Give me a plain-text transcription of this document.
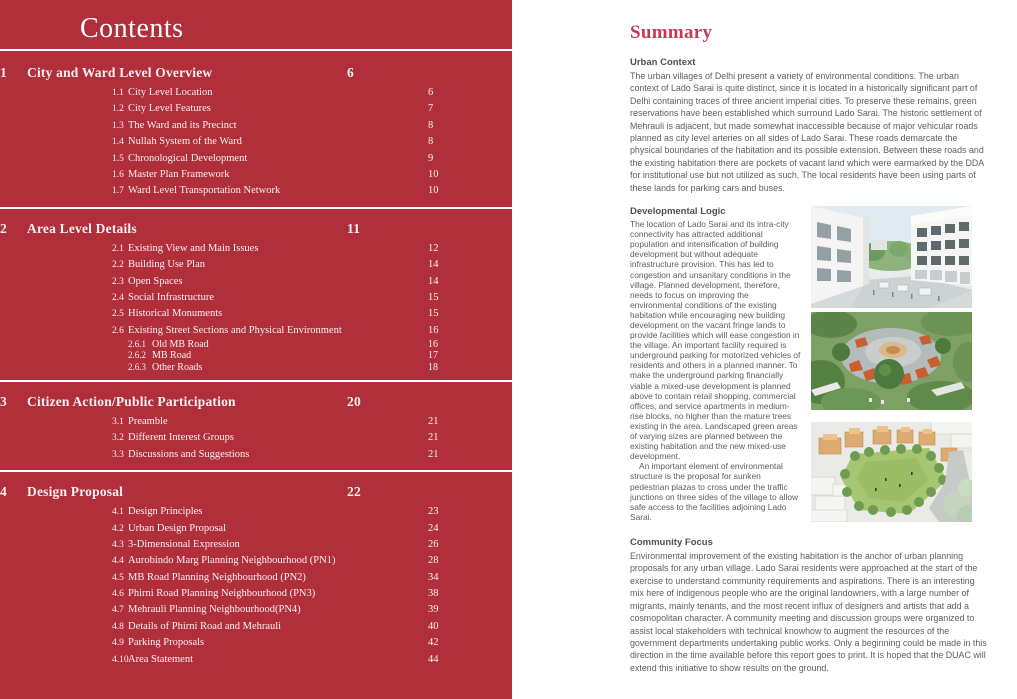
Contents
1 City and Ward Level Overview	6
1.1 City Level Location	6
1.2 City Level Features	7
1.3 The Ward and its Precinct	8
1.4 Nullah System of the Ward	8
1.5 Chronological Development	9
1.6 Master Plan Framework	10
1.7 Ward Level Transportation Network	10
2 Area Level Details	11
2.1 Existing View and Main Issues	12
2.2 Building Use Plan	14
2.3 Open Spaces	14
2.4 Social Infrastructure	15
2.5 Historical Monuments	15
2.6 Existing Street Sections and Physical Environment	16
2.6.1 Old MB Road	16
2.6.2 MB Road	17
2.6.3 Other Roads	18
3 Citizen Action/Public Participation	20
3.1 Preamble	21
3.2 Different Interest Groups	21
3.3 Discussions and Suggestions	21
4 Design Proposal	22
4.1 Design Principles	23
4.2 Urban Design Proposal	24
4.3 3-Dimensional Expression	26
4.4 Aurobindo Marg Planning Neighbourhood (PN1)	28
4.5 MB Road Planning Neighbourhood (PN2)	34
4.6 Phirni Road Planning Neighbourhood (PN3)	38
4.7 Mehrauli Planning Neighbourhood(PN4)	39
4.8 Details of Phirni Road and Mehrauli	40
4.9 Parking Proposals	42
4.10 Area Statement	44
Summary
Urban Context

The urban villages of Delhi present a variety of environmental conditions. The urban context of Lado Sarai is quite distinct, since it is located in a historically significant part of Delhi containing traces of three ancient imperial cities. To preserve these remains, green reservations have been established which surround Lado Sarai. The historic settlement of Mehrauli is adjacent, but made somewhat inaccessible because of major vehicular roads planned as city level arteries on all sides of Lado Sarai. These roads demarcate the physical boundaries of the habitation and its possible extension. Between these roads and the existing habitation there are pockets of vacant land which were earmarked by the DDA for institutional use but not utilized as such. The local residents have been using parts of these lands for parking cars and buses.

Developmental Logic

The location of Lado Sarai and its intra-city connectivity has attracted additional population and intensification of building development but without adequate infrastructure provision. This has led to congestion and unsanitary conditions in the village. Planned development, therefore, needs to focus on improving the environmental conditions of the existing habitation while encouraging new building development on the vacant fringe lands to provide facilities which will ease congestion in the village. An important facility required is underground parking for motorized vehicles of residents and others in a planned manner. To make the underground parking financially viable a mixed-use development is planned above to contain retail shopping, commercial offices, and service apartments in medium-rise blocks, no higher than the mature trees existing in the area. Landscaped green areas of varying sizes are planned between the existing habitation and the new mixed-use development.

An important element of environmental structure is the proposal for sunken pedestrian plazas to cross under the traffic junctions on three sides of the village to allow safe access to the facilities adjoining Lado Sarai.

Community Focus

Environmental improvement of the existing habitation is the anchor of urban planning proposals for any urban village. Lado Sarai residents were approached at the start of the exercise to understand community requirements and aspirations. There is an interesting mix here of indigenous people who are the original landowners, with a large number of migrants, mainly tenants, and the most recent influx of designers and artists that add a cosmopolitan character. A community meeting and discussion groups were organized to assist local stakeholders with technical knowhow to augment the resources of the government departments undertaking public works. Only a beginning could be made in this direction in the time available before this report goes to print. It is hoped that the DUAC will extend this initiative to show results on the ground.
